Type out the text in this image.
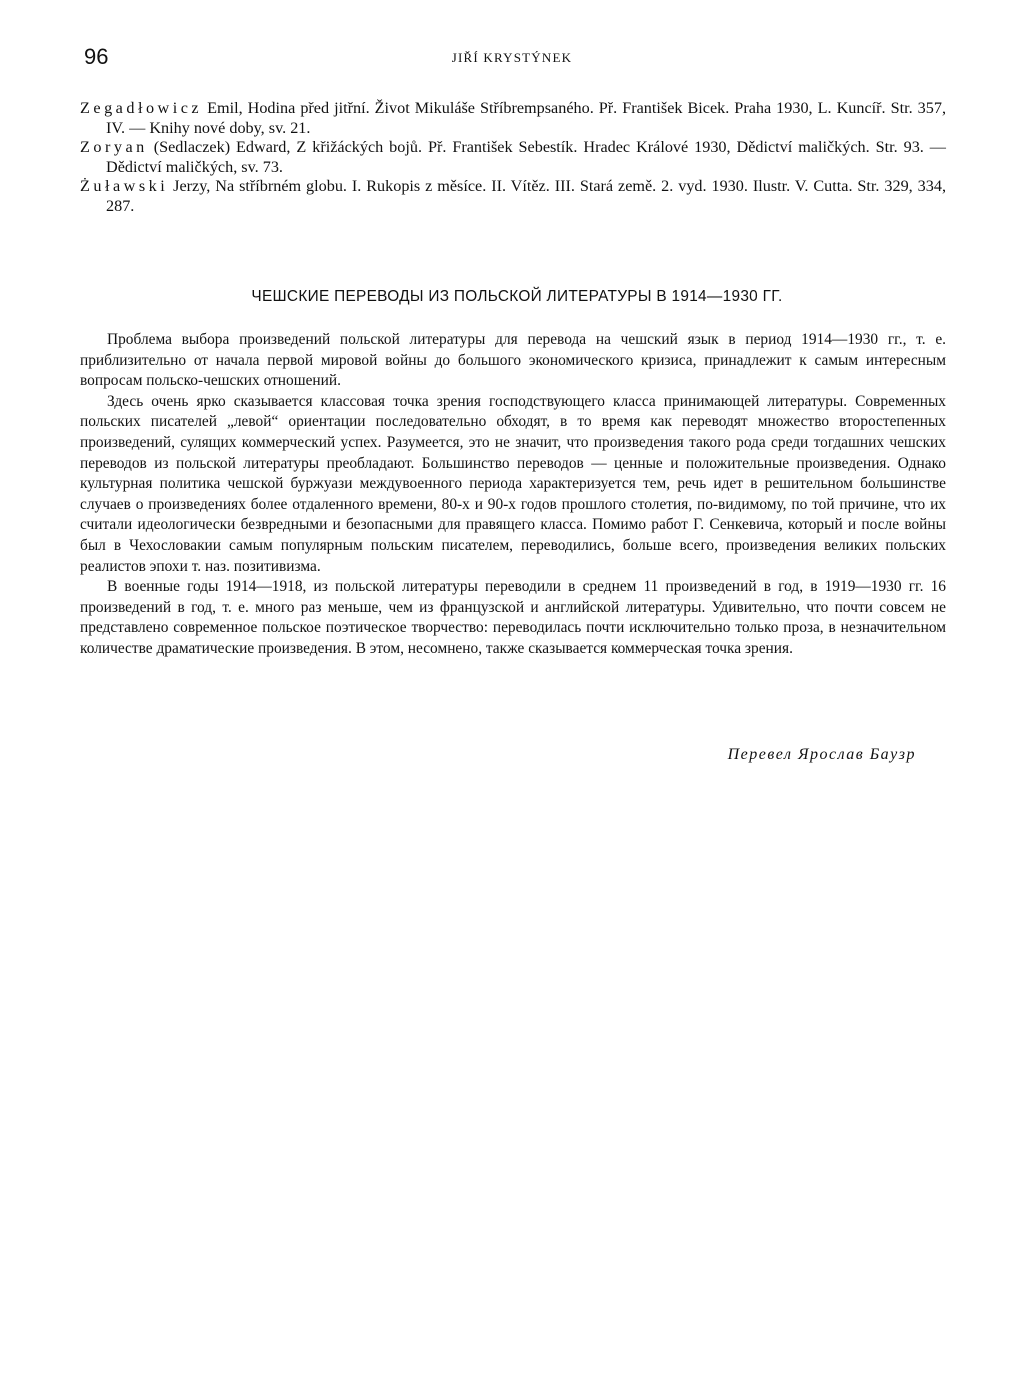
96	JIŘÍ KRYSTÝNEK
Zegadłowicz Emil, Hodina před jitřní. Život Mikuláše Stříbrempsaného. Př. František Bicek. Praha 1930, L. Kuncíř. Str. 357, IV. — Knihy nové doby, sv. 21.
Zoryan (Sedlaczek) Edward, Z křižáckých bojů. Př. František Sebestík. Hradec Králové 1930, Dědictví maličkých. Str. 93. — Dědictví maličkých, sv. 73.
Żuławski Jerzy, Na stříbrném globu. I. Rukopis z měsíce. II. Vítěz. III. Stará země. 2. vyd. 1930. Ilustr. V. Cutta. Str. 329, 334, 287.
ЧЕШСКИЕ ПЕРЕВОДЫ ИЗ ПОЛЬСКОЙ ЛИТЕРАТУРЫ В 1914—1930 ГГ.

Проблема выбора произведений польской литературы для перевода на чешский язык в период 1914—1930 гг., т. е. приблизительно от начала первой мировой войны до большого экономического кризиса, принадлежит к самым интересным вопросам польско-чешских отношений.

Здесь очень ярко сказывается классовая точка зрения господствующего класса принимающей литературы. Современных польских писателей „левой“ ориентации последовательно обходят, в то время как переводят множество второстепенных произведений, сулящих коммерческий успех. Разумеется, это не значит, что произведения такого рода среди тогдашних чешских переводов из польской литературы преобладают. Большинство переводов — ценные и положительные произведения. Однако культурная политика чешской буржуази междувоенного периода характеризуется тем, речь идет в решительном большинстве случаев о произведениях более отдаленного времени, 80-х и 90-х годов прошлого столетия, по-видимому, по той причине, что их считали идеологически безвредными и безопасными для правящего класса. Помимо работ Г. Сенкевича, который и после войны был в Чехословакии самым популярным польским писателем, переводились, больше всего, произведения великих польских реалистов эпохи т. наз. позитивизма.

В военные годы 1914—1918, из польской литературы переводили в среднем 11 произведений в год, в 1919—1930 гг. 16 произведений в год, т. е. много раз меньше, чем из французской и английской литературы. Удивительно, что почти совсем не представлено современное польское поэтическое творчество: переводилась почти исключительно только проза, в незначительном количестве драматические произведения. В этом, несомнено, также сказывается коммерческая точка зрения.

Перевел Ярослав Баyзр
